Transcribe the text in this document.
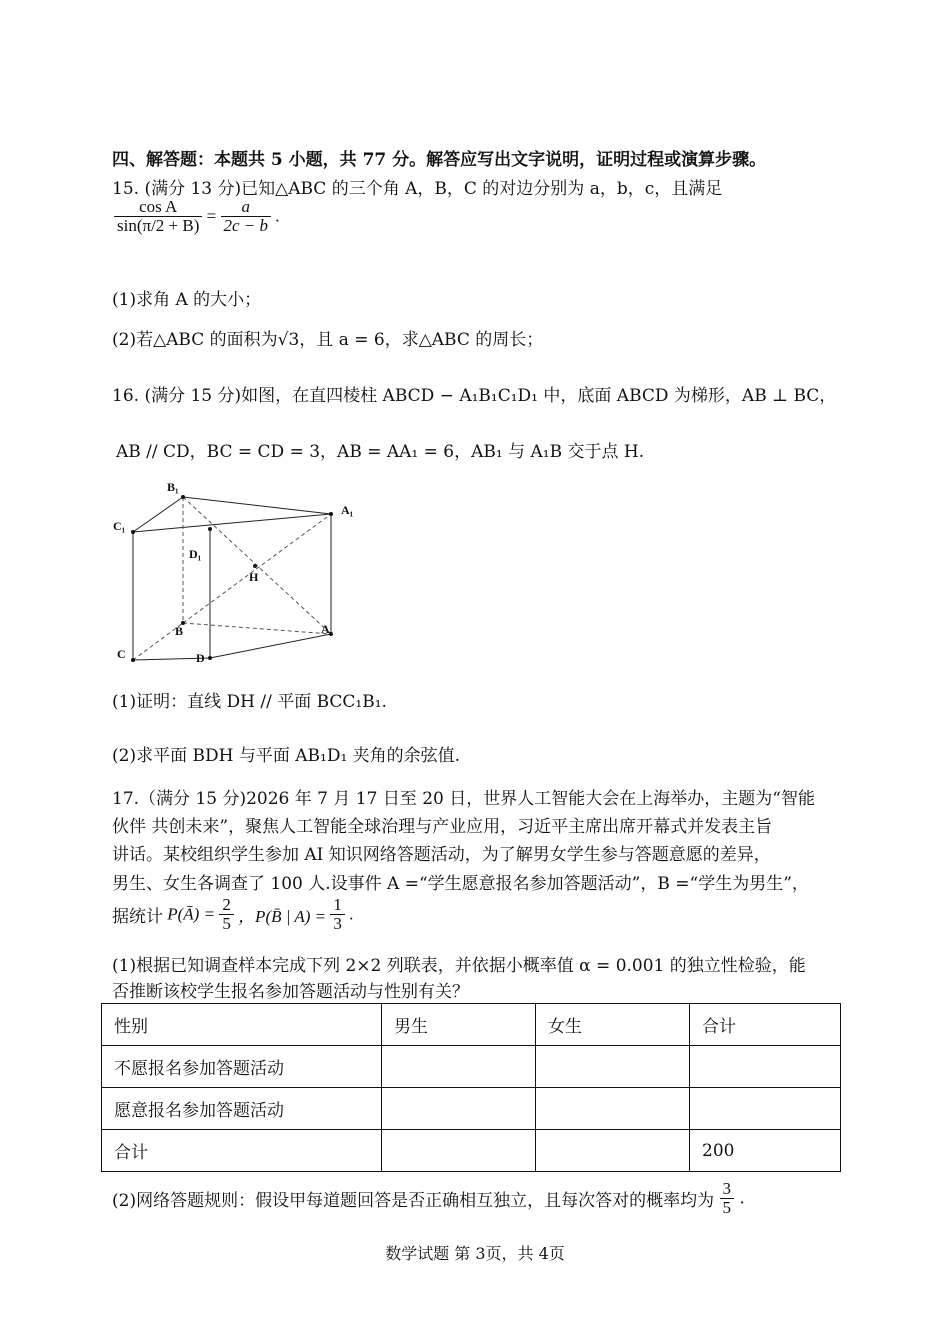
四、解答题：本题共 5 小题，共 77 分。解答应写出文字说明，证明过程或演算步骤。
15. (满分 13 分)已知△ABC 的三个角 A，B，C 的对边分别为 a，b，c，且满足
$\frac{\text{cos A}}{\sin(\pi/2 + B)} = \frac{a}{2c - b}$ .
(1)求角 A 的大小；
(2)若△ABC 的面积为√3，且 a = 6，求△ABC 的周长；
16. (满分 15 分)如图，在直四棱柱 ABCD − A₁B₁C₁D₁ 中，底面 ABCD 为梯形，AB ⊥ BC，
AB // CD，BC = CD = 3，AB = AA₁ = 6，AB₁ 与 A₁B 交于点 H.
B₁
C₁
A₁
D₁
H
B	A
C	D
(1)证明：直线 DH // 平面 BCC₁B₁.
(2)求平面 BDH 与平面 AB₁D₁ 夹角的余弦值.
17.（满分 15 分)2026 年 7 月 17 日至 20 日，世界人工智能大会在上海举办，主题为“智能
伙伴 共创未来”，聚焦人工智能全球治理与产业应用，习近平主席出席开幕式并发表主旨
讲话。某校组织学生参加 AI 知识网络答题活动，为了解男女学生参与答题意愿的差异，
男生、女生各调查了 100 人.设事件 A =“学生愿意报名参加答题活动”，B =“学生为男生”，
据统计 P(Ā) = $\frac{2}{5}$ ，P(B̄ | $A) = \frac{1}{3}$ .
(1)根据已知调查样本完成下列 2×2 列联表，并依据小概率值 α = 0.001 的独立性检验，能
否推断该校学生报名参加答题活动与性别有关？
性别	男生	女生	合计
不愿报名参加答题活动			
愿意报名参加答题活动			
合计			200
(2)网络答题规则：假设甲每道题回答是否正确相互独立，且每次答对的概率均为 $\frac{3}{5}$ .
数学试题 第 3页，共 4页
